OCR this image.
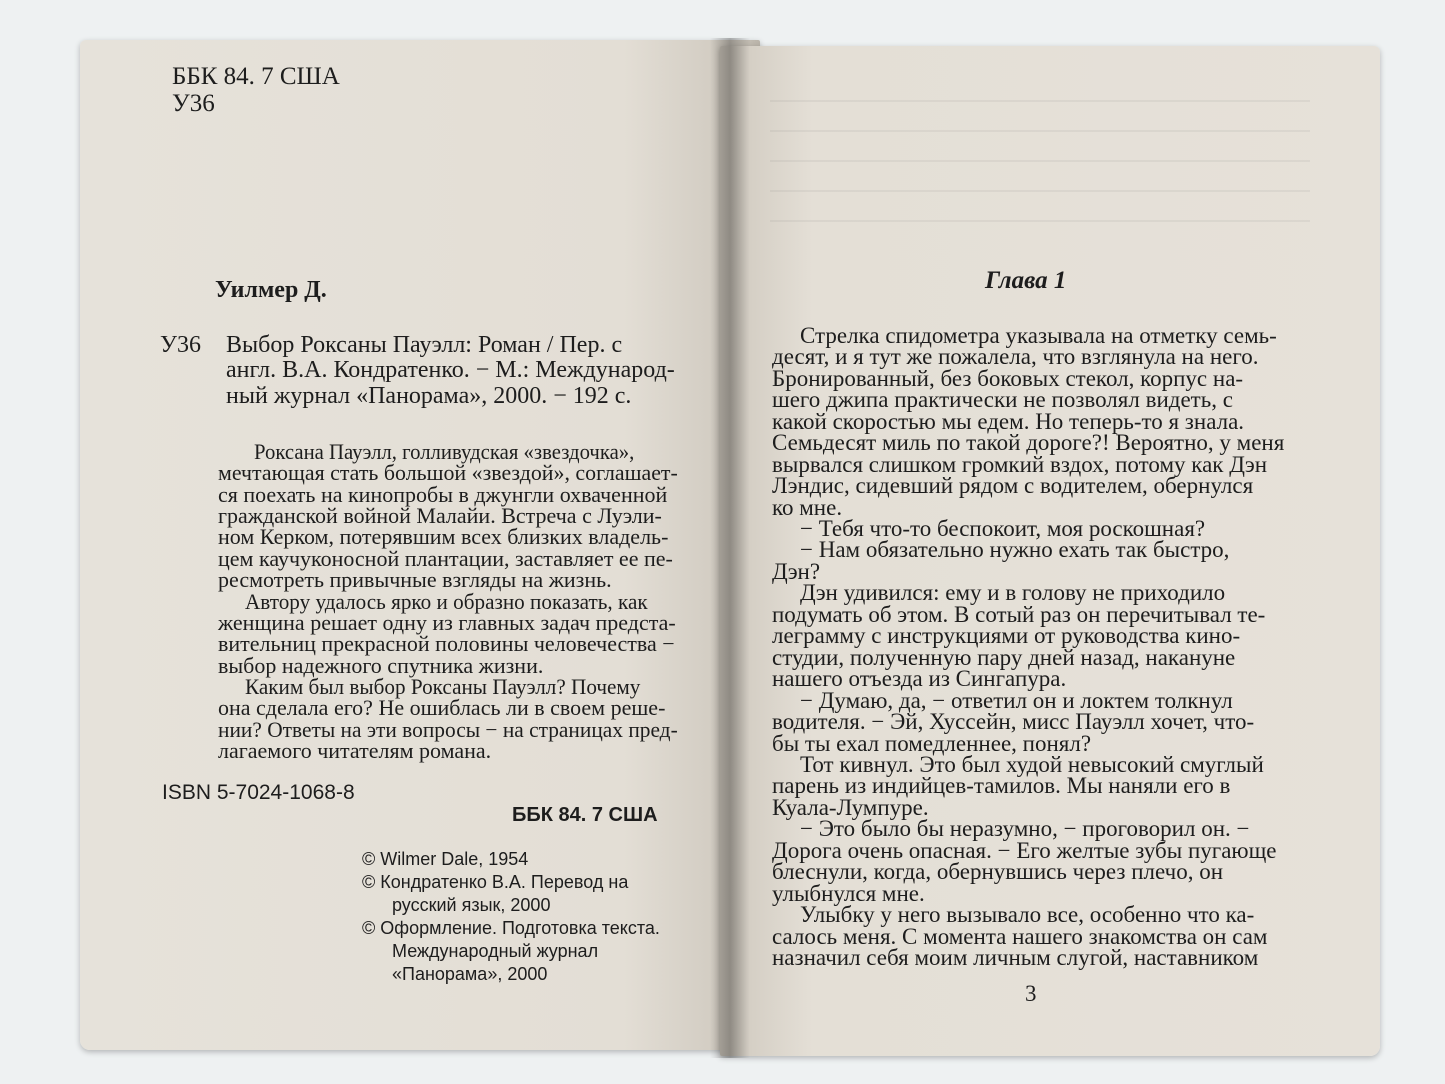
ББК 84. 7 США
У36
Уилмер Д.
У36 Выбор Роксаны Пауэлл: Роман / Пер. с
англ. В.А. Кондратенко. − М.: Международ-
ный журнал «Панорама», 2000. − 192 с.
Роксана Пауэлл, голливудская «звездочка»,
мечтающая стать большой «звездой», соглашает-
ся поехать на кинопробы в джунгли охваченной
гражданской войной Малайи. Встреча с Луэли-
ном Керком, потерявшим всех близких владель-
цем каучуконосной плантации, заставляет ее пе-
ресмотреть привычные взгляды на жизнь.
Автору удалось ярко и образно показать, как
женщина решает одну из главных задач предста-
вительниц прекрасной половины человечества −
выбор надежного спутника жизни.
Каким был выбор Роксаны Пауэлл? Почему
она сделала его? Не ошиблась ли в своем реше-
нии? Ответы на эти вопросы − на страницах пред-
лагаемого читателям романа.
ISBN 5-7024-1068-8
ББК 84. 7 США
© Wilmer Dale, 1954
© Кондратенко В.А. Перевод на
русский язык, 2000
© Оформление. Подготовка текста.
Международный журнал
«Панорама», 2000
Глава 1
Стрелка спидометра указывала на отметку семь-
десят, и я тут же пожалела, что взглянула на него.
Бронированный, без боковых стекол, корпус на-
шего джипа практически не позволял видеть, с
какой скоростью мы едем. Но теперь-то я знала.
Семьдесят миль по такой дороге?! Вероятно, у меня
вырвался слишком громкий вздох, потому как Дэн
Лэндис, сидевший рядом с водителем, обернулся
ко мне.
− Тебя что-то беспокоит, моя роскошная?
− Нам обязательно нужно ехать так быстро,
Дэн?
Дэн удивился: ему и в голову не приходило
подумать об этом. В сотый раз он перечитывал те-
леграмму с инструкциями от руководства кино-
студии, полученную пару дней назад, накануне
нашего отъезда из Сингапура.
− Думаю, да, − ответил он и локтем толкнул
водителя. − Эй, Хуссейн, мисс Пауэлл хочет, что-
бы ты ехал помедленнее, понял?
Тот кивнул. Это был худой невысокий смуглый
парень из индийцев-тамилов. Мы наняли его в
Куала-Лумпуре.
− Это было бы неразумно, − проговорил он. −
Дорога очень опасная. − Его желтые зубы пугающе
блеснули, когда, обернувшись через плечо, он
улыбнулся мне.
Улыбку у него вызывало все, особенно что ка-
салось меня. С момента нашего знакомства он сам
назначил себя моим личным слугой, наставником
3
